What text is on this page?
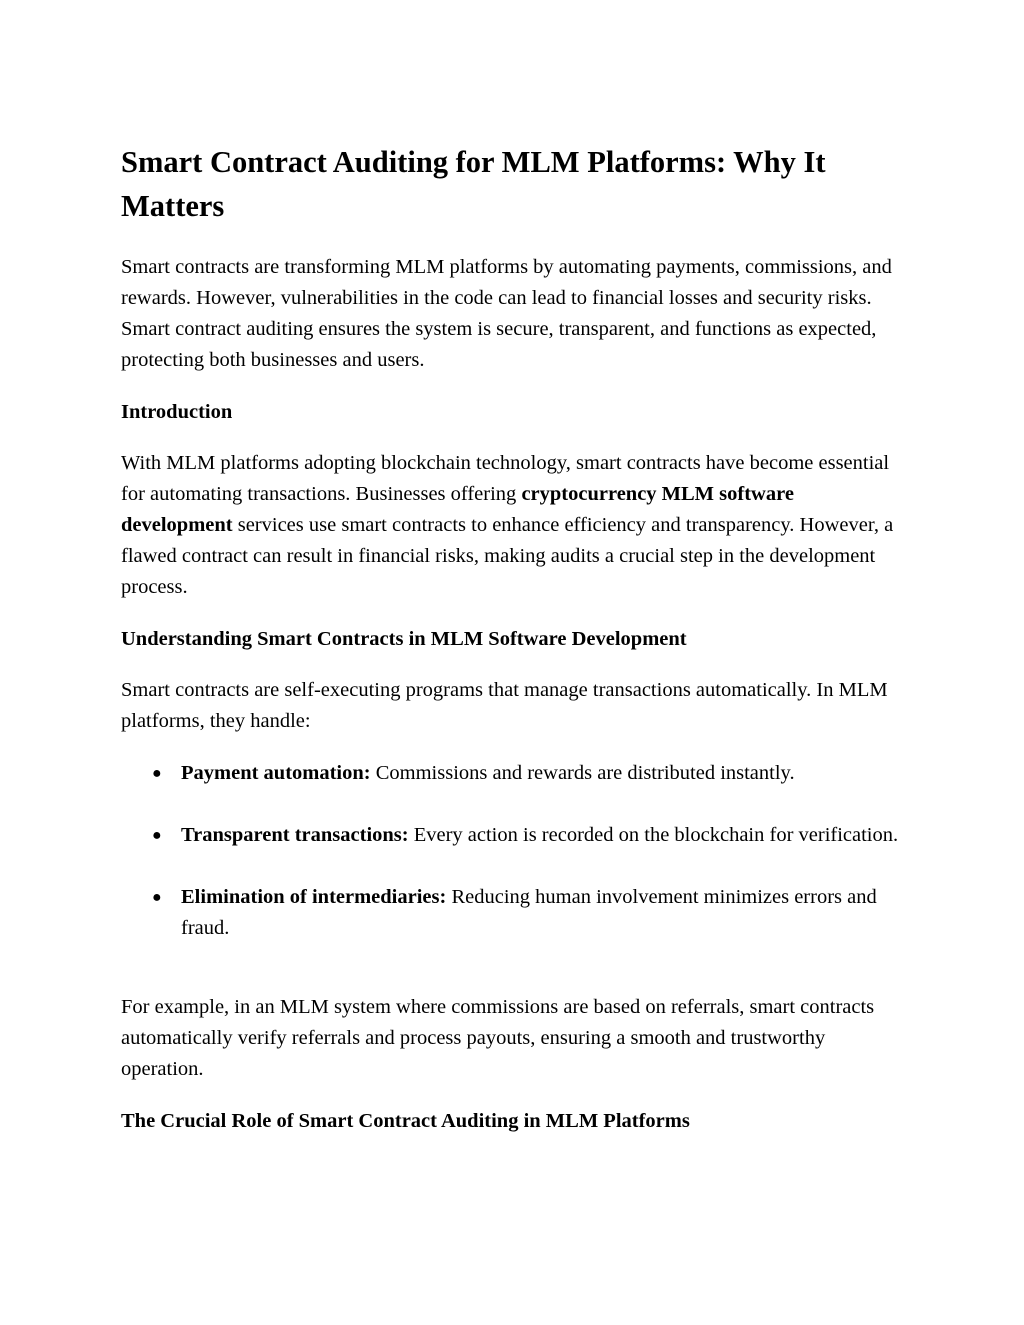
Smart Contract Auditing for MLM Platforms: Why It Matters

Smart contracts are transforming MLM platforms by automating payments, commissions, and rewards. However, vulnerabilities in the code can lead to financial losses and security risks. Smart contract auditing ensures the system is secure, transparent, and functions as expected, protecting both businesses and users.

Introduction

With MLM platforms adopting blockchain technology, smart contracts have become essential for automating transactions. Businesses offering cryptocurrency MLM software development services use smart contracts to enhance efficiency and transparency. However, a flawed contract can result in financial risks, making audits a crucial step in the development process.

Understanding Smart Contracts in MLM Software Development

Smart contracts are self-executing programs that manage transactions automatically. In MLM platforms, they handle:

● Payment automation: Commissions and rewards are distributed instantly.
● Transparent transactions: Every action is recorded on the blockchain for verification.
● Elimination of intermediaries: Reducing human involvement minimizes errors and fraud.

For example, in an MLM system where commissions are based on referrals, smart contracts automatically verify referrals and process payouts, ensuring a smooth and trustworthy operation.

The Crucial Role of Smart Contract Auditing in MLM Platforms
